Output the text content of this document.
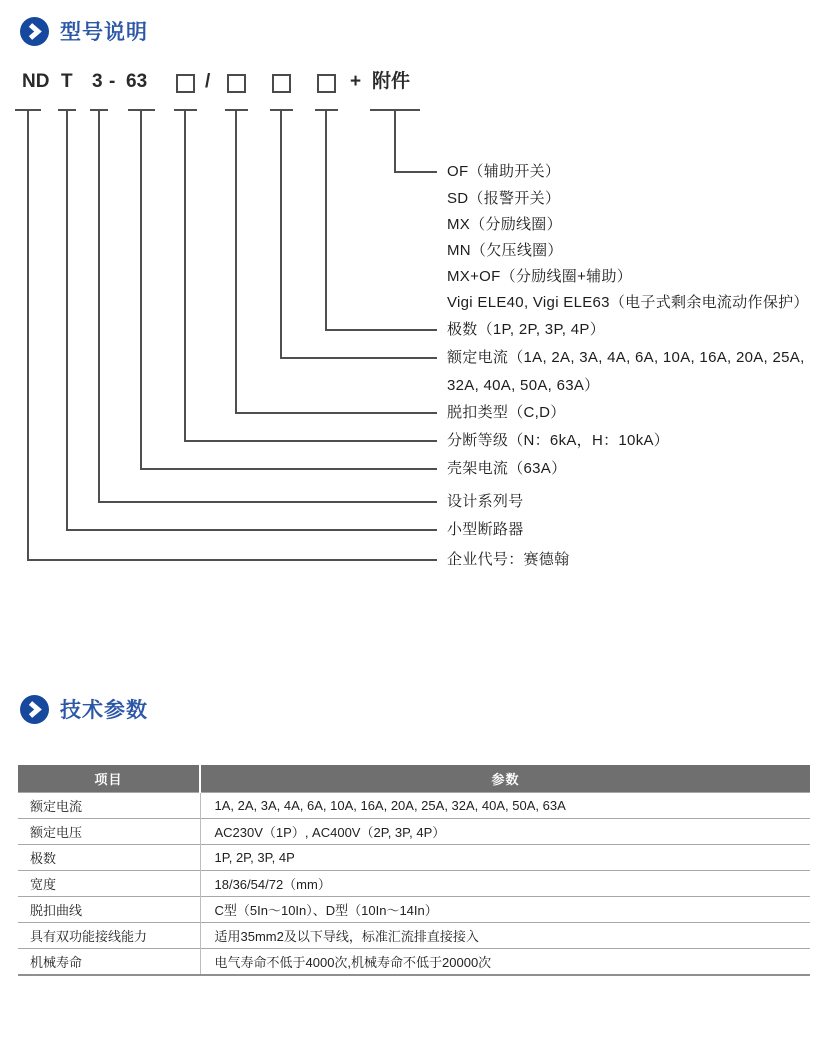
型号说明
SD（报警开关）
MX（分励线圈）
MN（欠压线圈）
MX+OF（分励线圈+辅助）
Vigi ELE40, Vigi ELE63（电子式剩余电流动作保护）
ND T 3 - 63	/	+ 附件
OF（辅助开关）
极数（1P, 2P, 3P, 4P）
额定电流（1A, 2A, 3A, 4A, 6A, 10A, 16A, 20A, 25A,
32A, 40A, 50A, 63A）
脱扣类型（C,D）
分断等级（N：6kA，H：10kA）
壳架电流（63A）
设计系列号
小型断路器
企业代号：赛德翰
技术参数
项目	参数
额定电流	1A, 2A, 3A, 4A, 6A, 10A, 16A, 20A, 25A, 32A, 40A, 50A, 63A
额定电压	AC230V（1P）, AC400V（2P, 3P, 4P）
极数	1P, 2P, 3P, 4P
宽度	18/36/54/72（mm）
脱扣曲线	C型（5In～10In）、D型（10In～14In）
具有双功能接线能力	适用35mm2及以下导线，标准汇流排直接接入
机械寿命	电气寿命不低于4000次,机械寿命不低于20000次
